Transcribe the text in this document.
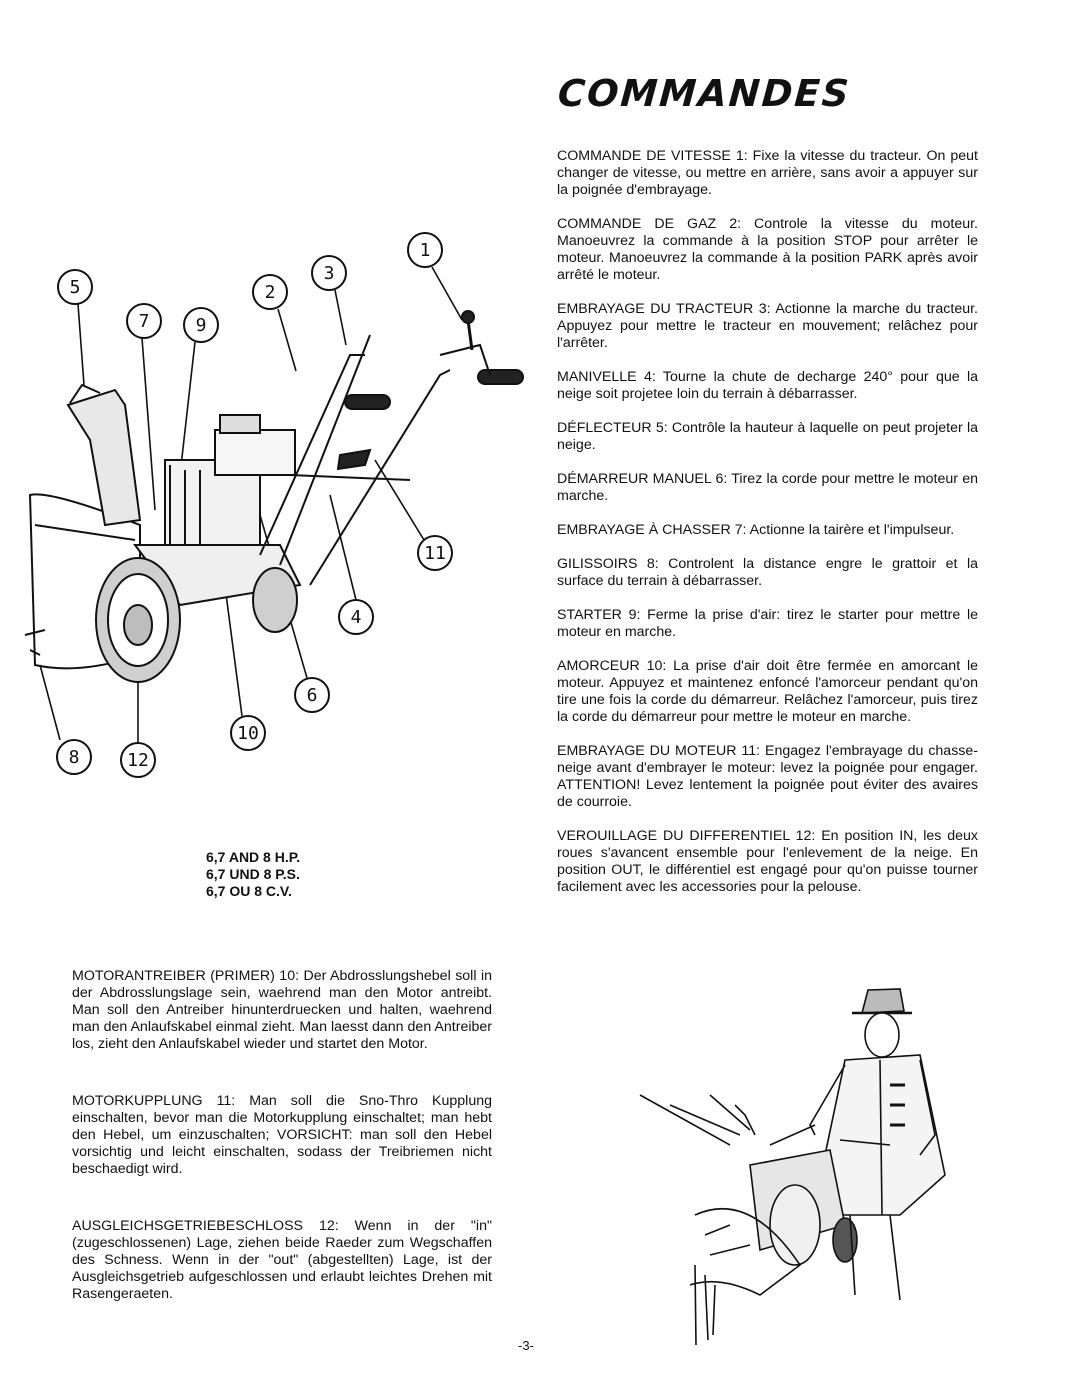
COMMANDES

COMMANDE DE VITESSE 1: Fixe la vitesse du tracteur. On peut changer de vitesse, ou mettre en arrière, sans avoir a appuyer sur la poignée d'embrayage.

COMMANDE DE GAZ 2: Controle la vitesse du moteur. Manoeuvrez la commande à la position STOP pour arrêter le moteur. Manoeuvrez la commande à la position PARK après avoir arrêté le moteur.

EMBRAYAGE DU TRACTEUR 3: Actionne la marche du tracteur. Appuyez pour mettre le tracteur en mouvement; relâchez pour l'arrêter.

MANIVELLE 4: Tourne la chute de decharge 240° pour que la neige soit projetee loin du terrain à débarrasser.

DÉFLECTEUR 5: Contrôle la hauteur à laquelle on peut projeter la neige.

DÉMARREUR MANUEL 6: Tirez la corde pour mettre le moteur en marche.

EMBRAYAGE À CHASSER 7: Actionne la tairère et l'impulseur.

GILISSOIRS 8: Controlent la distance engre le grattoir et la surface du terrain à débarrasser.

STARTER 9: Ferme la prise d'air: tirez le starter pour mettre le moteur en marche.

AMORCEUR 10: La prise d'air doit être fermée en amorcant le moteur. Appuyez et maintenez enfoncé l'amorceur pendant qu'on tire une fois la corde du démarreur. Relâchez l'amorceur, puis tirez la corde du démarreur pour mettre le moteur en marche.

EMBRAYAGE DU MOTEUR 11: Engagez l'embrayage du chasse-neige avant d'embrayer le moteur: levez la poignée pour engager. ATTENTION! Levez lentement la poignée pout éviter des avaires de courroie.

VEROUILLAGE DU DIFFERENTIEL 12: En position IN, les deux roues s'avancent ensemble pour l'enlevement de la neige. En position OUT, le différentiel est engagé pour qu'on puisse tourner facilement avec les accessories pour la pelouse.

1
2
3
4
5
6
7
8
9
10
11
12
6,7 AND 8 H.P.
6,7 UND 8 P.S.
6,7 OU 8 C.V.

MOTORANTREIBER (PRIMER) 10: Der Abdrosslungshebel soll in der Abdrosslungslage sein, waehrend man den Motor antreibt. Man soll den Antreiber hinunterdruecken und halten, waehrend man den Anlaufskabel einmal zieht. Man laesst dann den Antreiber los, zieht den Anlaufskabel wieder und startet den Motor.

MOTORKUPPLUNG 11: Man soll die Sno-Thro Kupplung einschalten, bevor man die Motorkupplung einschaltet; man hebt den Hebel, um einzuschalten; VORSICHT: man soll den Hebel vorsichtig und leicht einschalten, sodass der Treibriemen nicht beschaedigt wird.

AUSGLEICHSGETRIEBESCHLOSS 12: Wenn in der "in" (zugeschlossenen) Lage, ziehen beide Raeder zum Wegschaffen des Schness. Wenn in der "out" (abgestellten) Lage, ist der Ausgleichsgetrieb aufgeschlossen und erlaubt leichtes Drehen mit Rasengeraeten.

-3-
